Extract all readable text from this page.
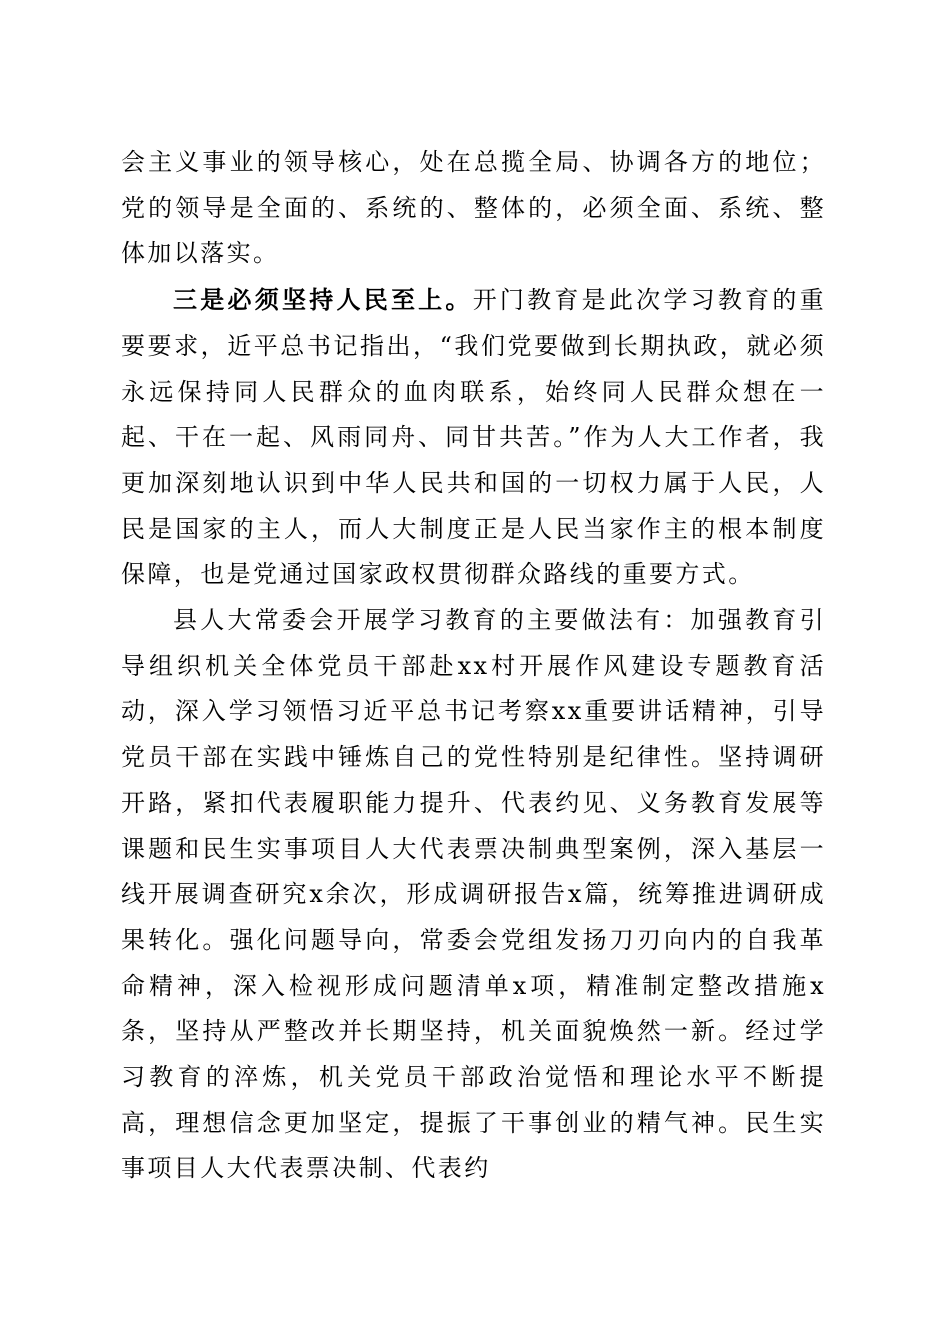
会主义事业的领导核心，处在总揽全局、协调各方的地位；党的领导是全面的、系统的、整体的，必须全面、系统、整体加以落实。

三是必须坚持人民至上。开门教育是此次学习教育的重要要求，近平总书记指出，“我们党要做到长期执政，就必须永远保持同人民群众的血肉联系，始终同人民群众想在一起、干在一起、风雨同舟、同甘共苦。”作为人大工作者，我更加深刻地认识到中华人民共和国的一切权力属于人民，人民是国家的主人，而人大制度正是人民当家作主的根本制度保障，也是党通过国家政权贯彻群众路线的重要方式。

县人大常委会开展学习教育的主要做法有：加强教育引导组织机关全体党员干部赴xx村开展作风建设专题教育活动，深入学习领悟习近平总书记考察xx重要讲话精神，引导党员干部在实践中锤炼自己的党性特别是纪律性。坚持调研开路，紧扣代表履职能力提升、代表约见、义务教育发展等课题和民生实事项目人大代表票决制典型案例，深入基层一线开展调查研究x余次，形成调研报告x篇，统筹推进调研成果转化。强化问题导向，常委会党组发扬刀刃向内的自我革命精神，深入检视形成问题清单x项，精准制定整改措施x条，坚持从严整改并长期坚持，机关面貌焕然一新。经过学习教育的淬炼，机关党员干部政治觉悟和理论水平不断提高，理想信念更加坚定，提振了干事创业的精气神。民生实事项目人大代表票决制、代表约
